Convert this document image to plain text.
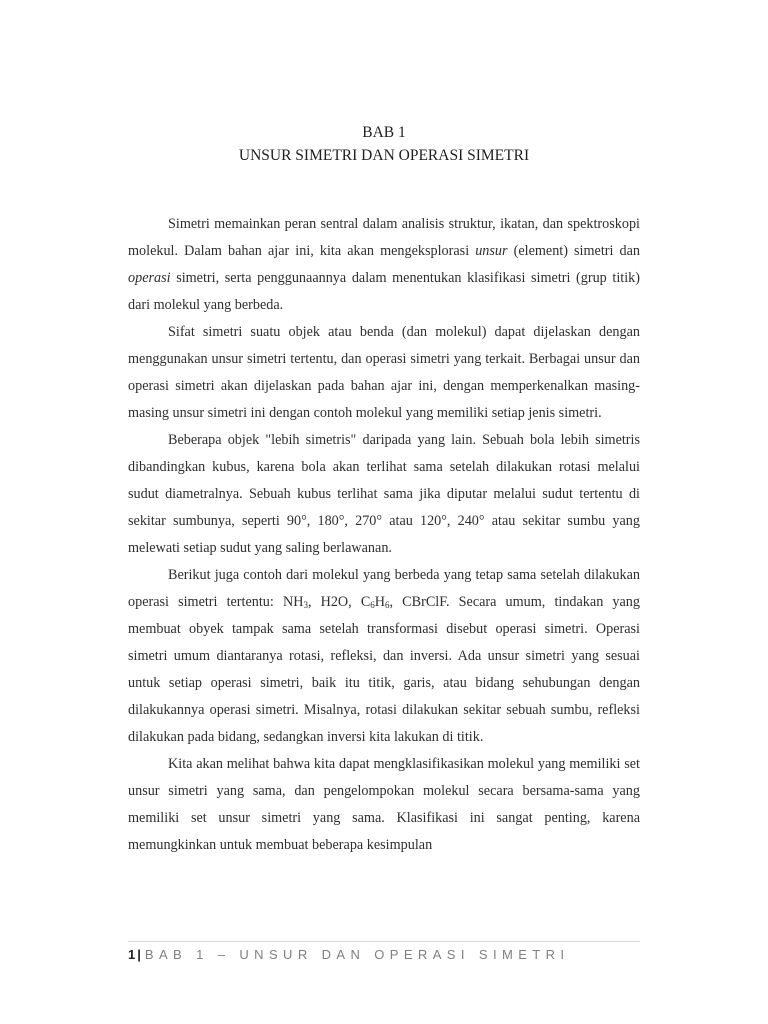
BAB 1
UNSUR SIMETRI DAN OPERASI SIMETRI

Simetri memainkan peran sentral dalam analisis struktur, ikatan, dan spektroskopi molekul. Dalam bahan ajar ini, kita akan mengeksplorasi unsur (element) simetri dan operasi simetri, serta penggunaannya dalam menentukan klasifikasi simetri (grup titik) dari molekul yang berbeda.

Sifat simetri suatu objek atau benda (dan molekul) dapat dijelaskan dengan menggunakan unsur simetri tertentu, dan operasi simetri yang terkait. Berbagai unsur dan operasi simetri akan dijelaskan pada bahan ajar ini, dengan memperkenalkan masing-masing unsur simetri ini dengan contoh molekul yang memiliki setiap jenis simetri.

Beberapa objek "lebih simetris" daripada yang lain. Sebuah bola lebih simetris dibandingkan kubus, karena bola akan terlihat sama setelah dilakukan rotasi melalui sudut diametralnya. Sebuah kubus terlihat sama jika diputar melalui sudut tertentu di sekitar sumbunya, seperti 90°, 180°, 270° atau 120°, 240° atau sekitar sumbu yang melewati setiap sudut yang saling berlawanan.

Berikut juga contoh dari molekul yang berbeda yang tetap sama setelah dilakukan operasi simetri tertentu: $NH_3$, H2O, $C_6H_6$, CBrClF. Secara umum, tindakan yang membuat obyek tampak sama setelah transformasi disebut operasi simetri. Operasi simetri umum diantaranya rotasi, refleksi, dan inversi. Ada unsur simetri yang sesuai untuk setiap operasi simetri, baik itu titik, garis, atau bidang sehubungan dengan dilakukannya operasi simetri. Misalnya, rotasi dilakukan sekitar sebuah sumbu, refleksi dilakukan pada bidang, sedangkan inversi kita lakukan di titik.

Kita akan melihat bahwa kita dapat mengklasifikasikan molekul yang memiliki set unsur simetri yang sama, dan pengelompokan molekul secara bersama-sama yang memiliki set unsur simetri yang sama. Klasifikasi ini sangat penting, karena memungkinkan untuk membuat beberapa kesimpulan

1 | BAB 1 – UNSUR DAN OPERASI SIMETRI
